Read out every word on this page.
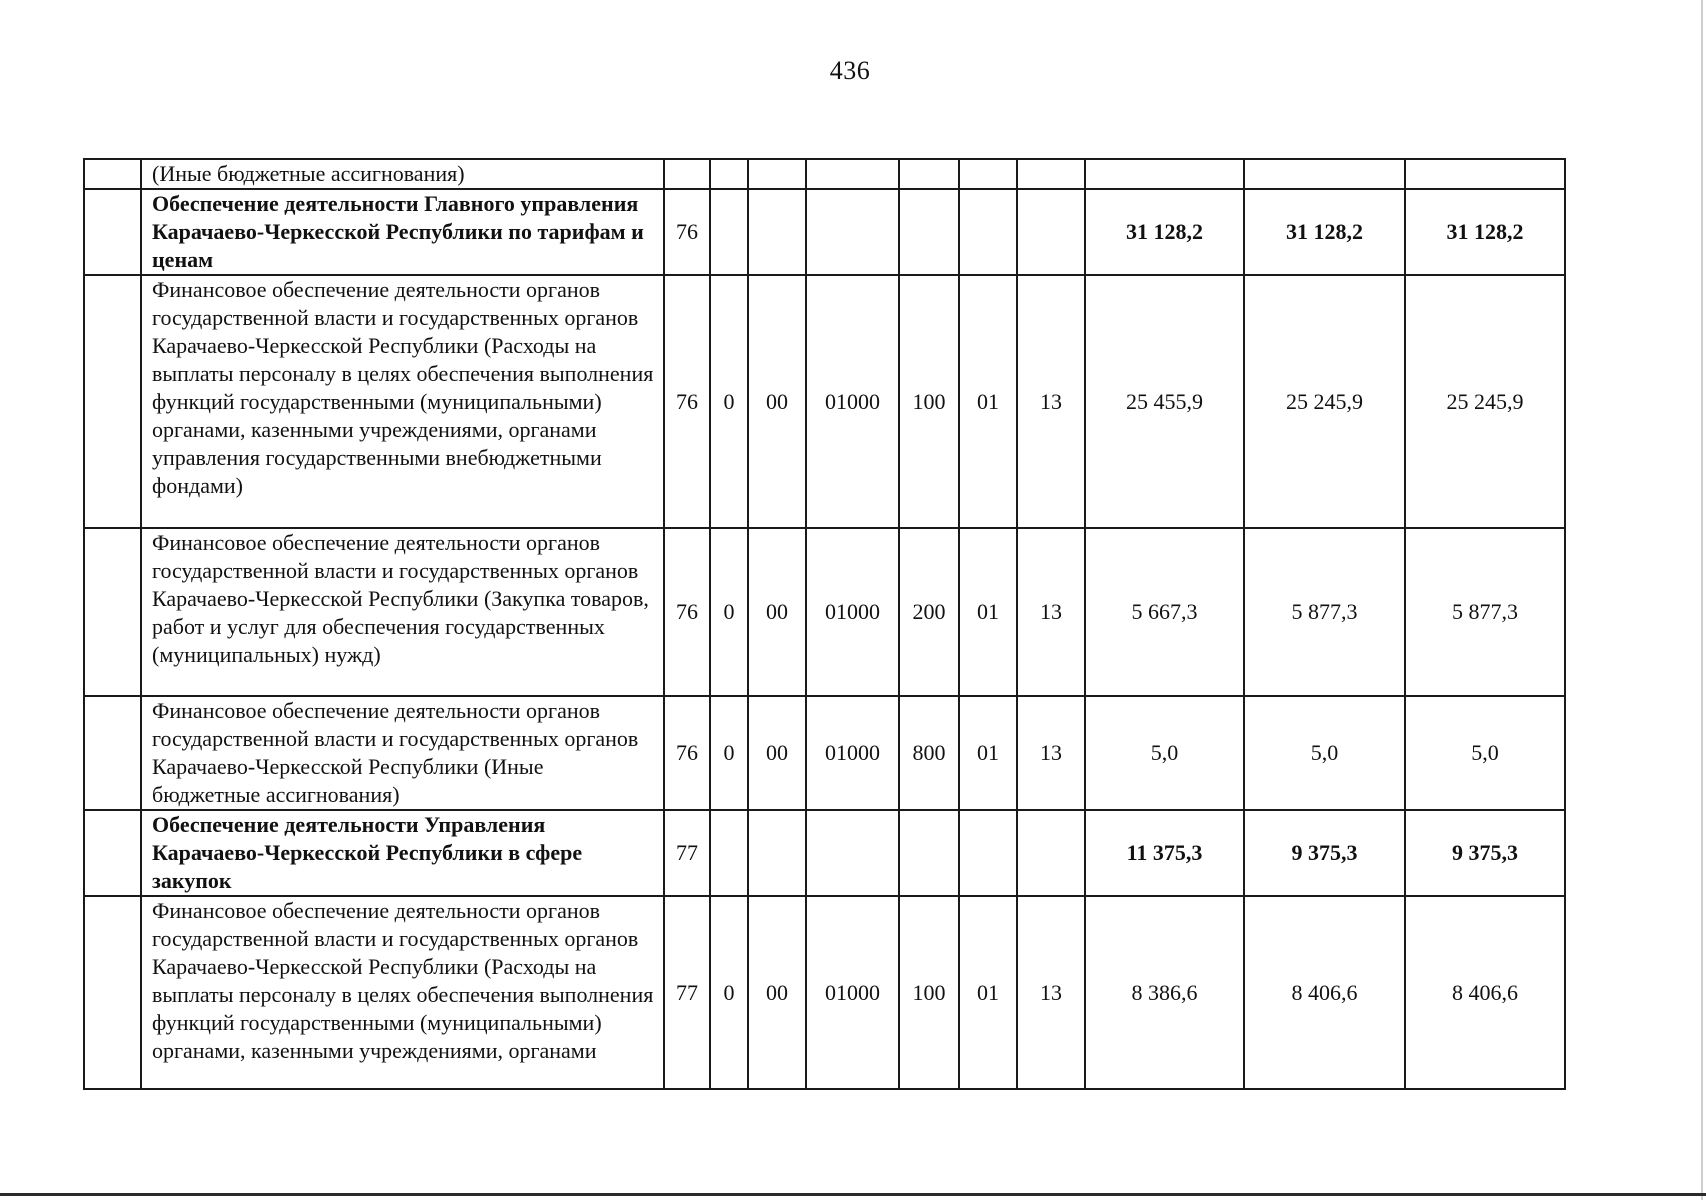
436
	(Иные бюджетные ассигнования)										
	Обеспечение деятельности Главного управления Карачаево-Черкесской Республики по тарифам и ценам	76							31 128,2	31 128,2	31 128,2
	Финансовое обеспечение деятельности органов государственной власти и государственных органов Карачаево-Черкесской Республики (Расходы на выплаты персоналу в целях обеспечения выполнения функций государственными (муниципальными) органами, казенными учреждениями, органами управления государственными внебюджетными фондами)	76	0	00	01000	100	01	13	25 455,9	25 245,9	25 245,9
	Финансовое обеспечение деятельности органов государственной власти и государственных органов Карачаево-Черкесской Республики (Закупка товаров, работ и услуг для обеспечения государственных (муниципальных) нужд)	76	0	00	01000	200	01	13	5 667,3	5 877,3	5 877,3
	Финансовое обеспечение деятельности органов государственной власти и государственных органов Карачаево-Черкесской Республики (Иные бюджетные ассигнования)	76	0	00	01000	800	01	13	5,0	5,0	5,0
	Обеспечение деятельности Управления Карачаево-Черкесской Республики в сфере закупок	77							11 375,3	9 375,3	9 375,3
	Финансовое обеспечение деятельности органов государственной власти и государственных органов Карачаево-Черкесской Республики (Расходы на выплаты персоналу в целях обеспечения выполнения функций государственными (муниципальными) органами, казенными учреждениями, органами	77	0	00	01000	100	01	13	8 386,6	8 406,6	8 406,6
